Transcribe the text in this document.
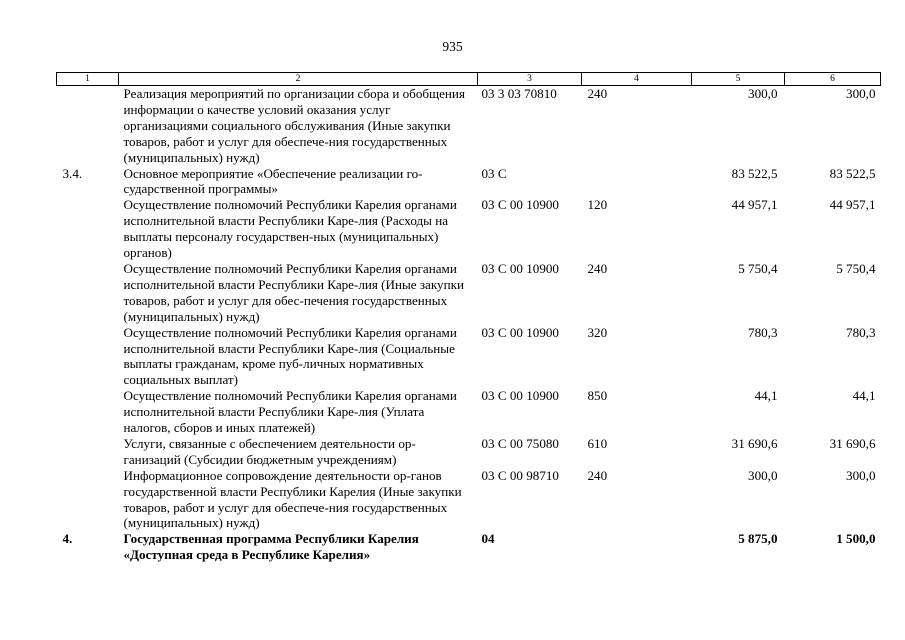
935
1	2	3	4	5	6
	Реализация мероприятий по организации сбора и обобщения информации о качестве условий оказания услуг организациями социального обслуживания (Иные закупки товаров, работ и услуг для обеспече-ния государственных (муниципальных) нужд)	03 3 03 70810	240	300,0	300,0
3.4.	Основное мероприятие «Обеспечение реализации го-сударственной программы»	03 С		83 522,5	83 522,5
	Осуществление полномочий Республики Карелия органами исполнительной власти Республики Каре-лия (Расходы на выплаты персоналу государствен-ных (муниципальных) органов)	03 С 00 10900	120	44 957,1	44 957,1
	Осуществление полномочий Республики Карелия органами исполнительной власти Республики Каре-лия (Иные закупки товаров, работ и услуг для обес-печения государственных (муниципальных) нужд)	03 С 00 10900	240	5 750,4	5 750,4
	Осуществление полномочий Республики Карелия органами исполнительной власти Республики Каре-лия (Социальные выплаты гражданам, кроме пуб-личных нормативных социальных выплат)	03 С 00 10900	320	780,3	780,3
	Осуществление полномочий Республики Карелия органами исполнительной власти Республики Каре-лия (Уплата налогов, сборов и иных платежей)	03 С 00 10900	850	44,1	44,1
	Услуги, связанные с обеспечением деятельности ор-ганизаций (Субсидии бюджетным учреждениям)	03 С 00 75080	610	31 690,6	31 690,6
	Информационное сопровождение деятельности ор-ганов государственной власти Республики Карелия (Иные закупки товаров, работ и услуг для обеспече-ния государственных (муниципальных) нужд)	03 С 00 98710	240	300,0	300,0
4.	Государственная программа Республики Карелия «Доступная среда в Республике Карелия»	04		5 875,0	1 500,0
